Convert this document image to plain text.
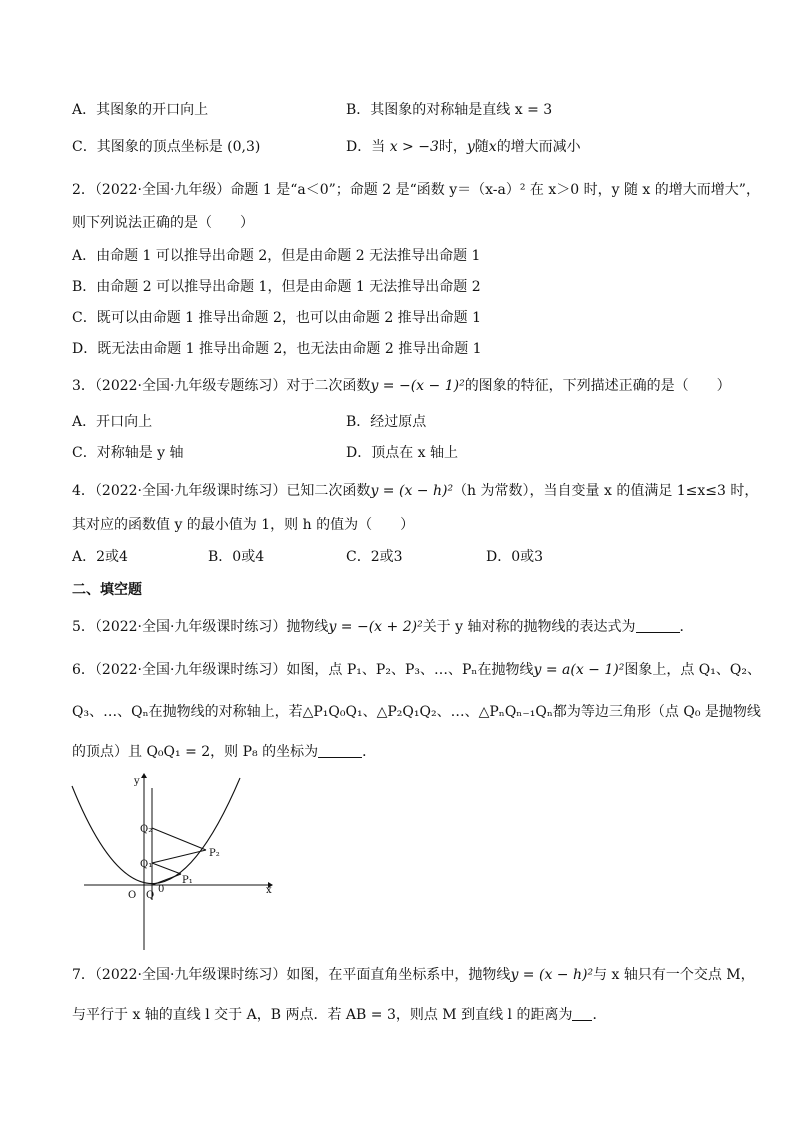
A．其图象的开口向上	B．其图象的对称轴是直线 x = 3
C．其图象的顶点坐标是 (0,3)	D．当 x > −3时，y随x的增大而减小
2．（2022·全国·九年级）命题 1 是“a＜0”；命题 2 是“函数 y＝（x-a）² 在 x＞0 时，y 随 x 的增大而增大”，
则下列说法正确的是（　　）
A．由命题 1 可以推导出命题 2，但是由命题 2 无法推导出命题 1
B．由命题 2 可以推导出命题 1，但是由命题 1 无法推导出命题 2
C．既可以由命题 1 推导出命题 2，也可以由命题 2 推导出命题 1
D．既无法由命题 1 推导出命题 2，也无法由命题 2 推导出命题 1
3．（2022·全国·九年级专题练习）对于二次函数y = −(x − 1)²的图象的特征，下列描述正确的是（　　）
A．开口向上	B．经过原点
C．对称轴是 y 轴	D．顶点在 x 轴上
4．（2022·全国·九年级课时练习）已知二次函数y = (x − h)²（h 为常数），当自变量 x 的值满足 1≤x≤3 时，
其对应的函数值 y 的最小值为 1，则 h 的值为（　　）
A．2或4	B．0或4	C．2或3	D．0或3
二、填空题
5．（2022·全国·九年级课时练习）抛物线y = −(x + 2)²关于 y 轴对称的抛物线的表达式为	．
6．（2022·全国·九年级课时练习）如图，点 P₁、P₂、P₃、…、Pₙ在抛物线y = a(x − 1)²图象上，点 Q₁、Q₂、
Q₃、…、Qₙ在抛物线的对称轴上，若△P₁Q₀Q₁、△P₂Q₁Q₂、…、△PₙQₙ₋₁Qₙ都为等边三角形（点 Q₀ 是抛物线
的顶点）且 Q₀Q₁ = 2，则 P₈ 的坐标为	．
O Q
0
y
x
Q₁
Q₂
P₁
P₂
7．（2022·全国·九年级课时练习）如图，在平面直角坐标系中，抛物线y = (x − h)²与 x 轴只有一个交点 M，
与平行于 x 轴的直线 l 交于 A，B 两点．若 AB = 3，则点 M 到直线 l 的距离为 ．
